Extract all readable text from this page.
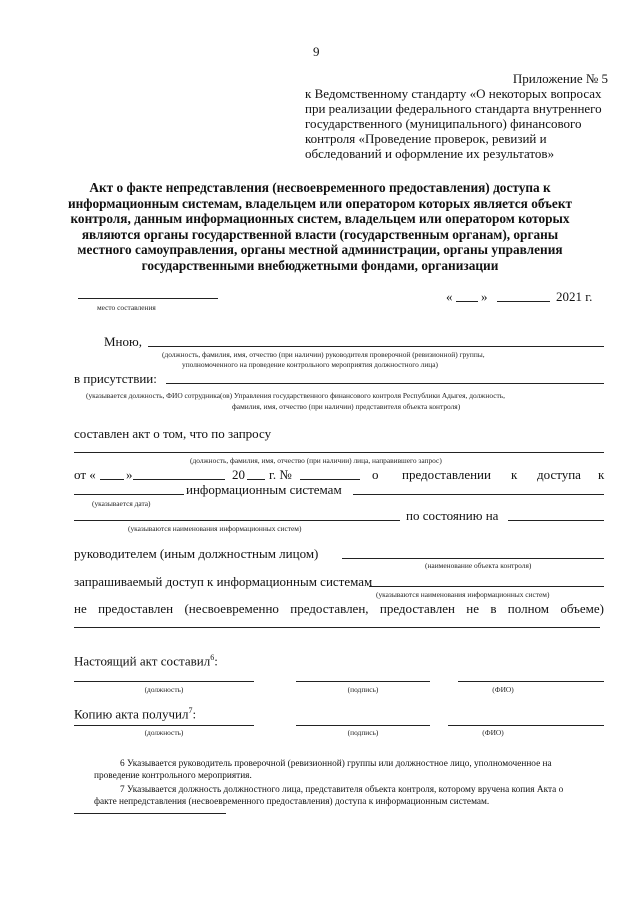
9
Приложение № 5
к Ведомственному стандарту «О некоторых вопросах
при реализации федерального стандарта внутреннего
государственного (муниципального) финансового
контроля «Проведение проверок, ревизий и
обследований и оформление их результатов»
Акт о факте непредставления (несвоевременного предоставления) доступа к
информационным системам, владельцем или оператором которых является объект
контроля, данным информационных систем, владельцем или оператором которых
являются органы государственной власти (государственным органам), органы
местного самоуправления, органы местной администрации, органы управления
государственными внебюджетными фондами, организации
место составления
« »	2021 г.
Мною,
(должность, фамилия, имя, отчество (при наличии) руководителя проверочной (ревизионной) группы,
уполномоченного на проведение контрольного мероприятия должностного лица)
в присутствии:
(указывается должность, ФИО сотрудника(ов) Управления государственного финансового контроля Республики Адыгея, должность,
фамилия, имя, отчество (при наличии) представителя объекта контроля)
составлен акт о том, что по запросу
(должность, фамилия, имя, отчество (при наличии) лица, направившего запрос)
от « »	20 г. №	о предоставлении к доступа к
информационным системам
(указывается дата)
(указываются наименования информационных систем)
по состоянию на
руководителем (иным должностным лицом)
(наименование объекта контроля)
запрашиваемый доступ к информационным системам
(указываются наименования информационных систем)
не предоставлен (несвоевременно предоставлен, предоставлен не в полном объеме)
Настоящий акт составил$^6$:
(должность)	(подпись)	(ФИО)
Копию акта получил$^7$:
(должность)	(подпись)	(ФИО)
6 Указывается руководитель проверочной (ревизионной) группы или должностное лицо, уполномоченное на
проведение контрольного мероприятия.
7 Указывается должность должностного лица, представителя объекта контроля, которому вручена копия Акта о
факте непредставления (несвоевременного предоставления) доступа к информационным системам.
